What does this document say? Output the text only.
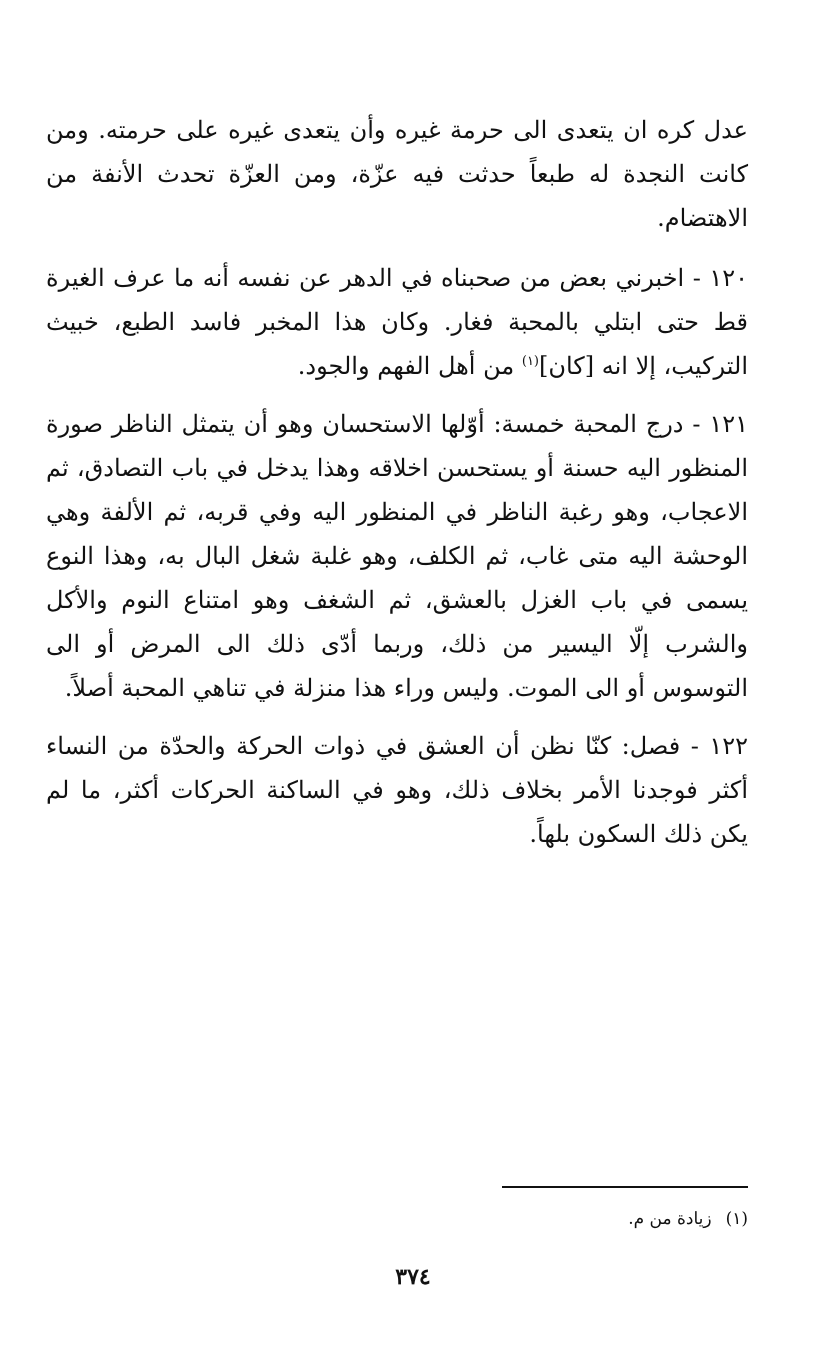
عدل كره ان يتعدى الى حرمة غيره وأن يتعدى غيره على حرمته. ومن كانت النجدة له طبعاً حدثت فيه عزّة، ومن العزّة تحدث الأنفة من الاهتضام.

١٢٠ - اخبرني بعض من صحبناه في الدهر عن نفسه أنه ما عرف الغيرة قط حتى ابتلي بالمحبة فغار. وكان هذا المخبر فاسد الطبع، خبيث التركيب، إلا انه [كان]$^{(١)}$ من أهل الفهم والجود.

١٢١ - درج المحبة خمسة: أوّلها الاستحسان وهو أن يتمثل الناظر صورة المنظور اليه حسنة أو يستحسن اخلاقه وهذا يدخل في باب التصادق، ثم الاعجاب، وهو رغبة الناظر في المنظور اليه وفي قربه، ثم الألفة وهي الوحشة اليه متى غاب، ثم الكلف، وهو غلبة شغل البال به، وهذا النوع يسمى في باب الغزل بالعشق، ثم الشغف وهو امتناع النوم والأكل والشرب إلّا اليسير من ذلك، وربما أدّى ذلك الى المرض أو الى التوسوس أو الى الموت. وليس وراء هذا منزلة في تناهي المحبة أصلاً.

١٢٢ - فصل: كنّا نظن أن العشق في ذوات الحركة والحدّة من النساء أكثر فوجدنا الأمر بخلاف ذلك، وهو في الساكنة الحركات أكثر، ما لم يكن ذلك السكون بلهاً.

(١)زيادة من م.
٣٧٤
